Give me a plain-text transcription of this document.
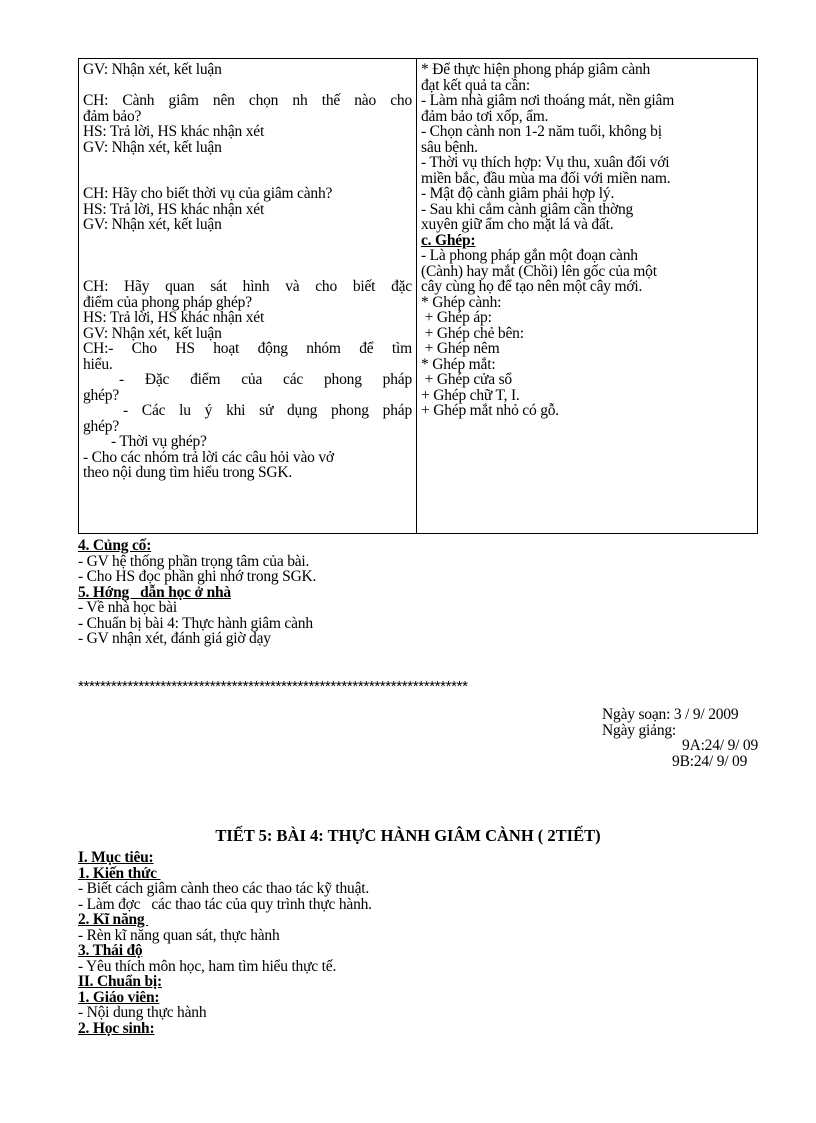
GV: Nhận xét, kết luận
CH: Cành giâm nên chọn nh thế nào cho
đảm bảo?
HS: Trả lời, HS khác nhận xét
GV: Nhận xét, kết luận
CH: Hãy cho biết thời vụ của giâm cành?
HS: Trả lời, HS khác nhận xét
GV: Nhận xét, kết luận
CH: Hãy quan sát hình và cho biết đặc
điểm của phong pháp ghép?
HS: Trả lời, HS khác nhận xét
GV: Nhận xét, kết luận
CH:- Cho HS hoạt động nhóm để tìm
hiểu.
- Đặc điểm của các phong pháp
ghép?
- Các lu ý khi sử dụng phong pháp
ghép?
- Thời vụ ghép?
- Cho các nhóm trả lời các câu hỏi vào vở
theo nội dung tìm hiểu trong SGK.

* Để thực hiện phong pháp giâm cành
đạt kết quả ta cần:
- Làm nhà giâm nơi thoáng mát, nền giâm
đảm bảo tơi xốp, ẩm.
- Chọn cành non 1-2 năm tuổi, không bị
sâu bệnh.
- Thời vụ thích hợp: Vụ thu, xuân đối với
miền bắc, đầu mùa ma đối với miền nam.
- Mật độ cành giâm phải hợp lý.
- Sau khi cắm cành giâm cần thờng
xuyên giữ ẩm cho mặt lá và đất.
c. Ghép:
- Là phong pháp gắn một đoạn cành
(Cành) hay mắt (Chồi) lên gốc của một
cây cùng họ để tạo nên một cây mới.
* Ghép cành:
+ Ghép áp:
+ Ghép chẻ bên:
+ Ghép nêm
* Ghép mắt:
+ Ghép cửa sổ
+ Ghép chữ T, I.
+ Ghép mắt nhỏ có gỗ.
4. Củng cố:
- GV hệ thống phần trọng tâm của bài.
- Cho HS đọc phần ghi nhớ trong SGK.
5. Hớng   dẫn học ở nhà
- Về nhà học bài
- Chuẩn bị bài 4: Thực hành giâm cành
- GV nhận xét, đánh giá giờ dạy
***********************************************************************
Ngày soạn: 3 / 9/ 2009
Ngày giảng:
9A:24/ 9/ 09
9B:24/ 9/ 09
TIẾT 5: BÀI 4: THỰC HÀNH GIÂM CÀNH ( 2TIẾT)
I. Mục tiêu:
1. Kiến thức
- Biết cách giâm cành theo các thao tác kỹ thuật.
- Làm đợc   các thao tác của quy trình thực hành.
2. Kĩ năng
- Rèn kĩ năng quan sát, thực hành
3. Thái độ
- Yêu thích môn học, ham tìm hiểu thực tế.
II. Chuẩn bị:
1. Giáo viên:
- Nội dung thực hành
2. Học sinh:
